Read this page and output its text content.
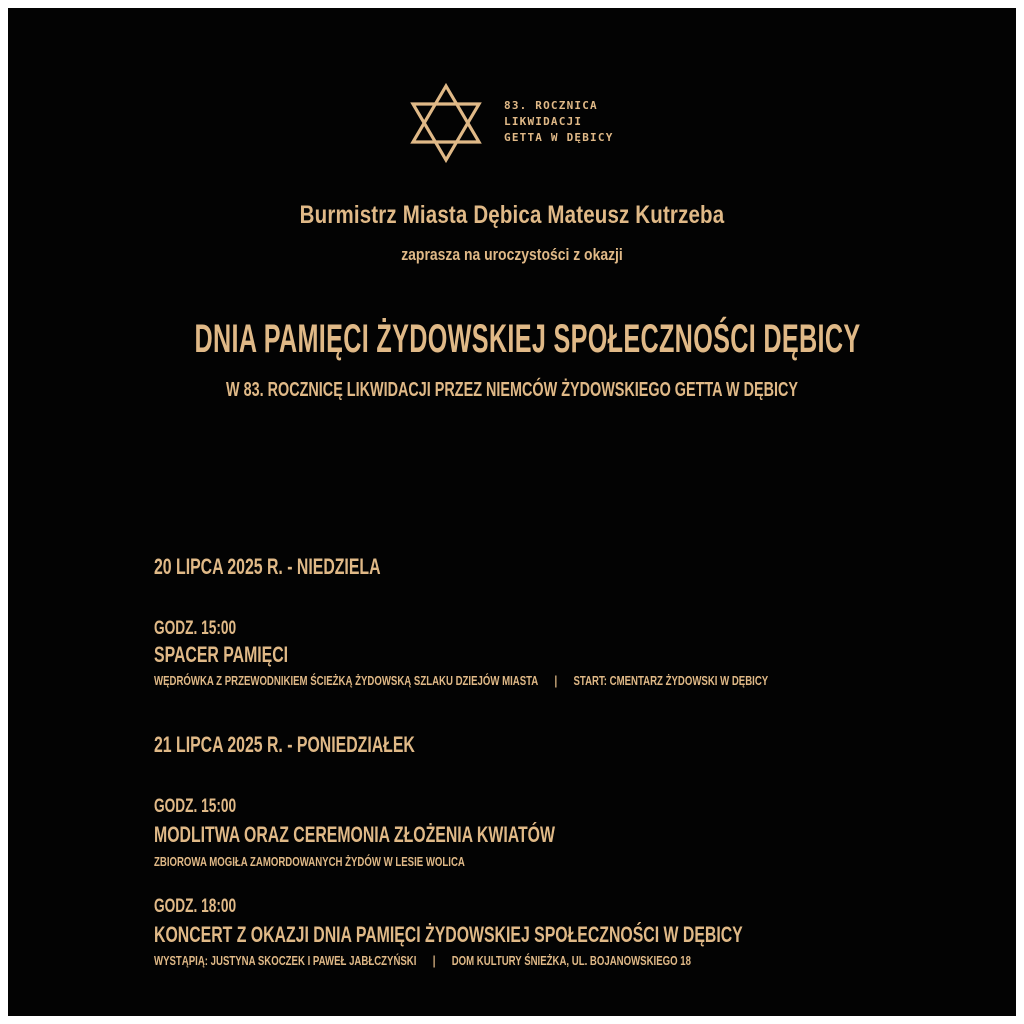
83. ROCZNICA
LIKWIDACJI
GETTA W DĘBICY
Burmistrz Miasta Dębica Mateusz Kutrzeba
zaprasza na uroczystości z okazji
DNIA PAMIĘCI ŻYDOWSKIEJ SPOŁECZNOŚCI DĘBICY
W 83. ROCZNICĘ LIKWIDACJI PRZEZ NIEMCÓW ŻYDOWSKIEGO GETTA W DĘBICY
20 LIPCA 2025 R. - NIEDZIELA
GODZ. 15:00
SPACER PAMIĘCI
WĘDRÓWKA Z PRZEWODNIKIEM ŚCIEŻKĄ ŻYDOWSKĄ SZLAKU DZIEJÓW MIASTA | START: CMENTARZ ŻYDOWSKI W DĘBICY
21 LIPCA 2025 R. - PONIEDZIAŁEK
GODZ. 15:00
MODLITWA ORAZ CEREMONIA ZŁOŻENIA KWIATÓW
ZBIOROWA MOGIŁA ZAMORDOWANYCH ŻYDÓW W LESIE WOLICA
GODZ. 18:00
KONCERT Z OKAZJI DNIA PAMIĘCI ŻYDOWSKIEJ SPOŁECZNOŚCI W DĘBICY
WYSTĄPIĄ: JUSTYNA SKOCZEK I PAWEŁ JABŁCZYŃSKI | DOM KULTURY ŚNIEŻKA, UL. BOJANOWSKIEGO 18
